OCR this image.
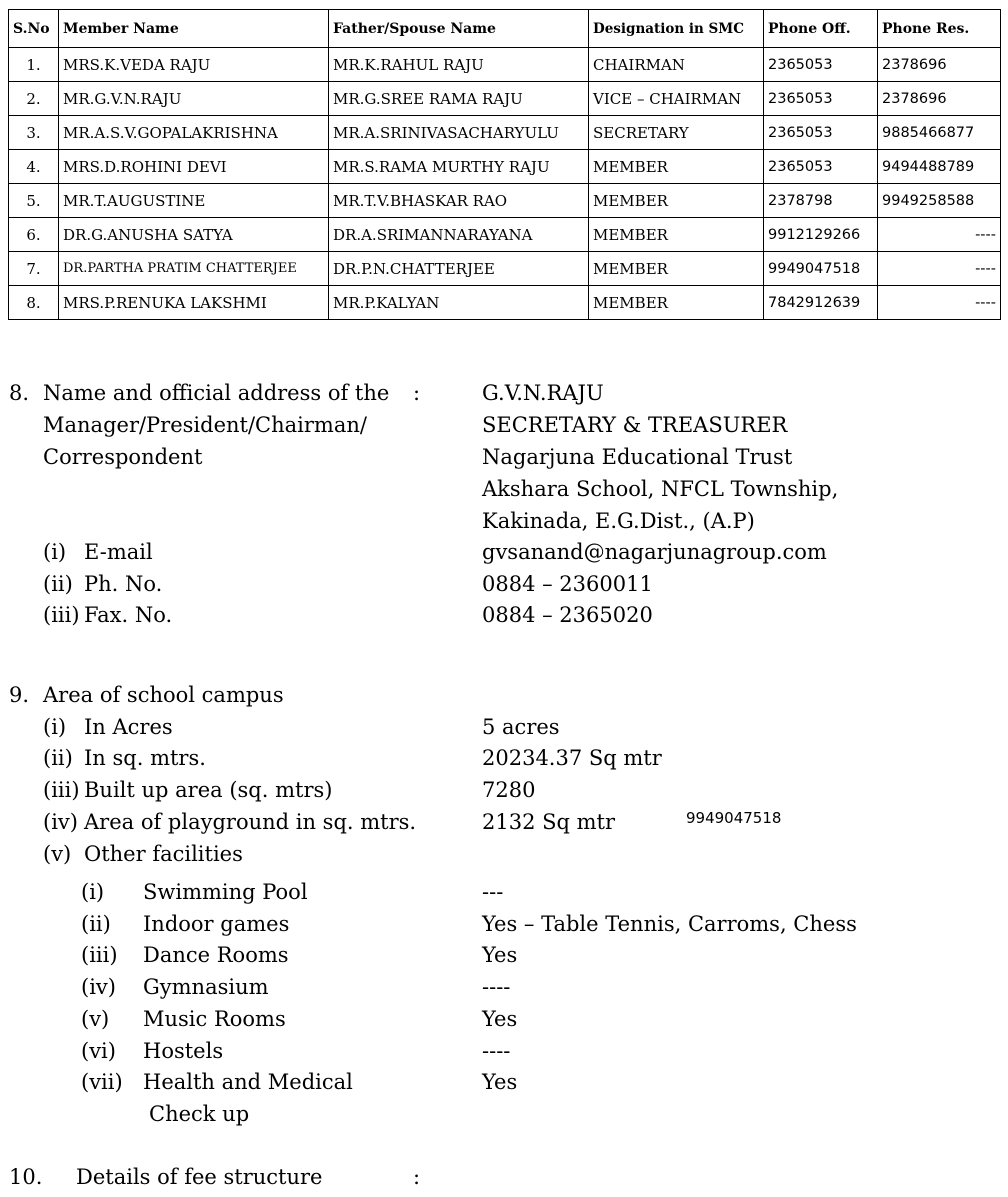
S.No	Member Name	Father/Spouse Name	Designation in SMC	Phone Off.	Phone Res.
1.	MRS.K.VEDA RAJU	MR.K.RAHUL RAJU	CHAIRMAN	2365053	2378696
2.	MR.G.V.N.RAJU	MR.G.SREE RAMA RAJU	VICE – CHAIRMAN	2365053	2378696
3.	MR.A.S.V.GOPALAKRISHNA	MR.A.SRINIVASACHARYULU	SECRETARY	2365053	9885466877
4.	MRS.D.ROHINI DEVI	MR.S.RAMA MURTHY RAJU	MEMBER	2365053	9494488789
5.	MR.T.AUGUSTINE	MR.T.V.BHASKAR RAO	MEMBER	2378798	9949258588
6.	DR.G.ANUSHA SATYA	DR.A.SRIMANNARAYANA	MEMBER	9912129266	----
7.	DR.PARTHA PRATIM CHATTERJEE	DR.P.N.CHATTERJEE	MEMBER	9949047518	----
8.	MRS.P.RENUKA LAKSHMI	MR.P.KALYAN	MEMBER	7842912639	----
8. Name and official address of the :
Manager/President/Chairman/
Correspondent
G.V.N.RAJU
SECRETARY & TREASURER
Nagarjuna Educational Trust
Akshara School, NFCL Township,
Kakinada, E.G.Dist., (A.P)
(i) E-mail	gvsanand@nagarjunagroup.com
(ii) Ph. No.	0884 – 2360011
(iii) Fax. No.	0884 – 2365020
9. Area of school campus
(i) In Acres	5 acres
(ii) In sq. mtrs.	20234.37 Sq mtr
(iii) Built up area (sq. mtrs)	7280
(iv) Area of playground in sq. mtrs.	2132 Sq mtr	9949047518
(v) Other facilities
(i) Swimming Pool	---
(ii) Indoor games	Yes – Table Tennis, Carroms, Chess
(iii) Dance Rooms	Yes
(iv) Gymnasium	----
(v) Music Rooms	Yes
(vi) Hostels	----
(vii) Health and Medical	Yes
Check up
10. Details of fee structure	:
